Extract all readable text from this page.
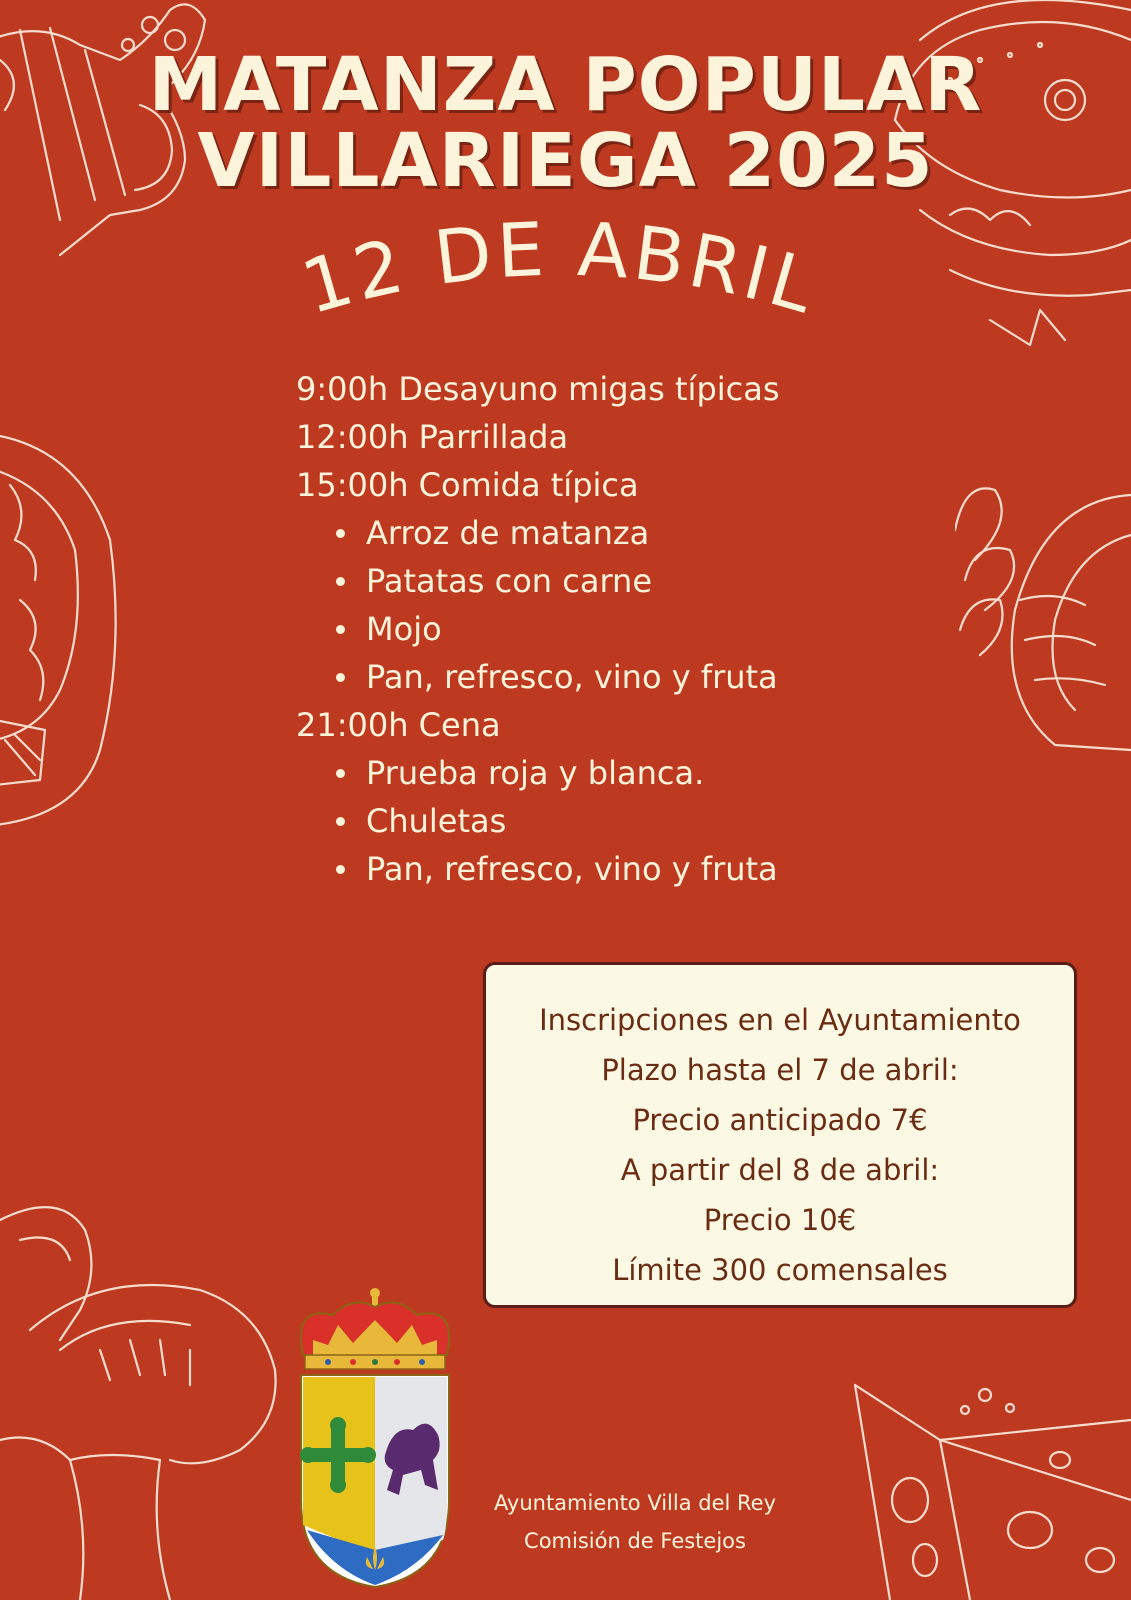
MATANZA POPULAR
VILLARIEGA 2025
12 DE ABRIL
9:00h Desayuno migas típicas
12:00h Parrillada
15:00h Comida típica
Arroz de matanza
Patatas con carne
Mojo
Pan, refresco, vino y fruta
21:00h Cena
Prueba roja y blanca.
Chuletas
Pan, refresco, vino y fruta
Inscripciones en el Ayuntamiento
Plazo hasta el 7 de abril:
Precio anticipado 7€
A partir del 8 de abril:
Precio 10€
Límite 300 comensales
Ayuntamiento Villa del Rey
Comisión de Festejos
